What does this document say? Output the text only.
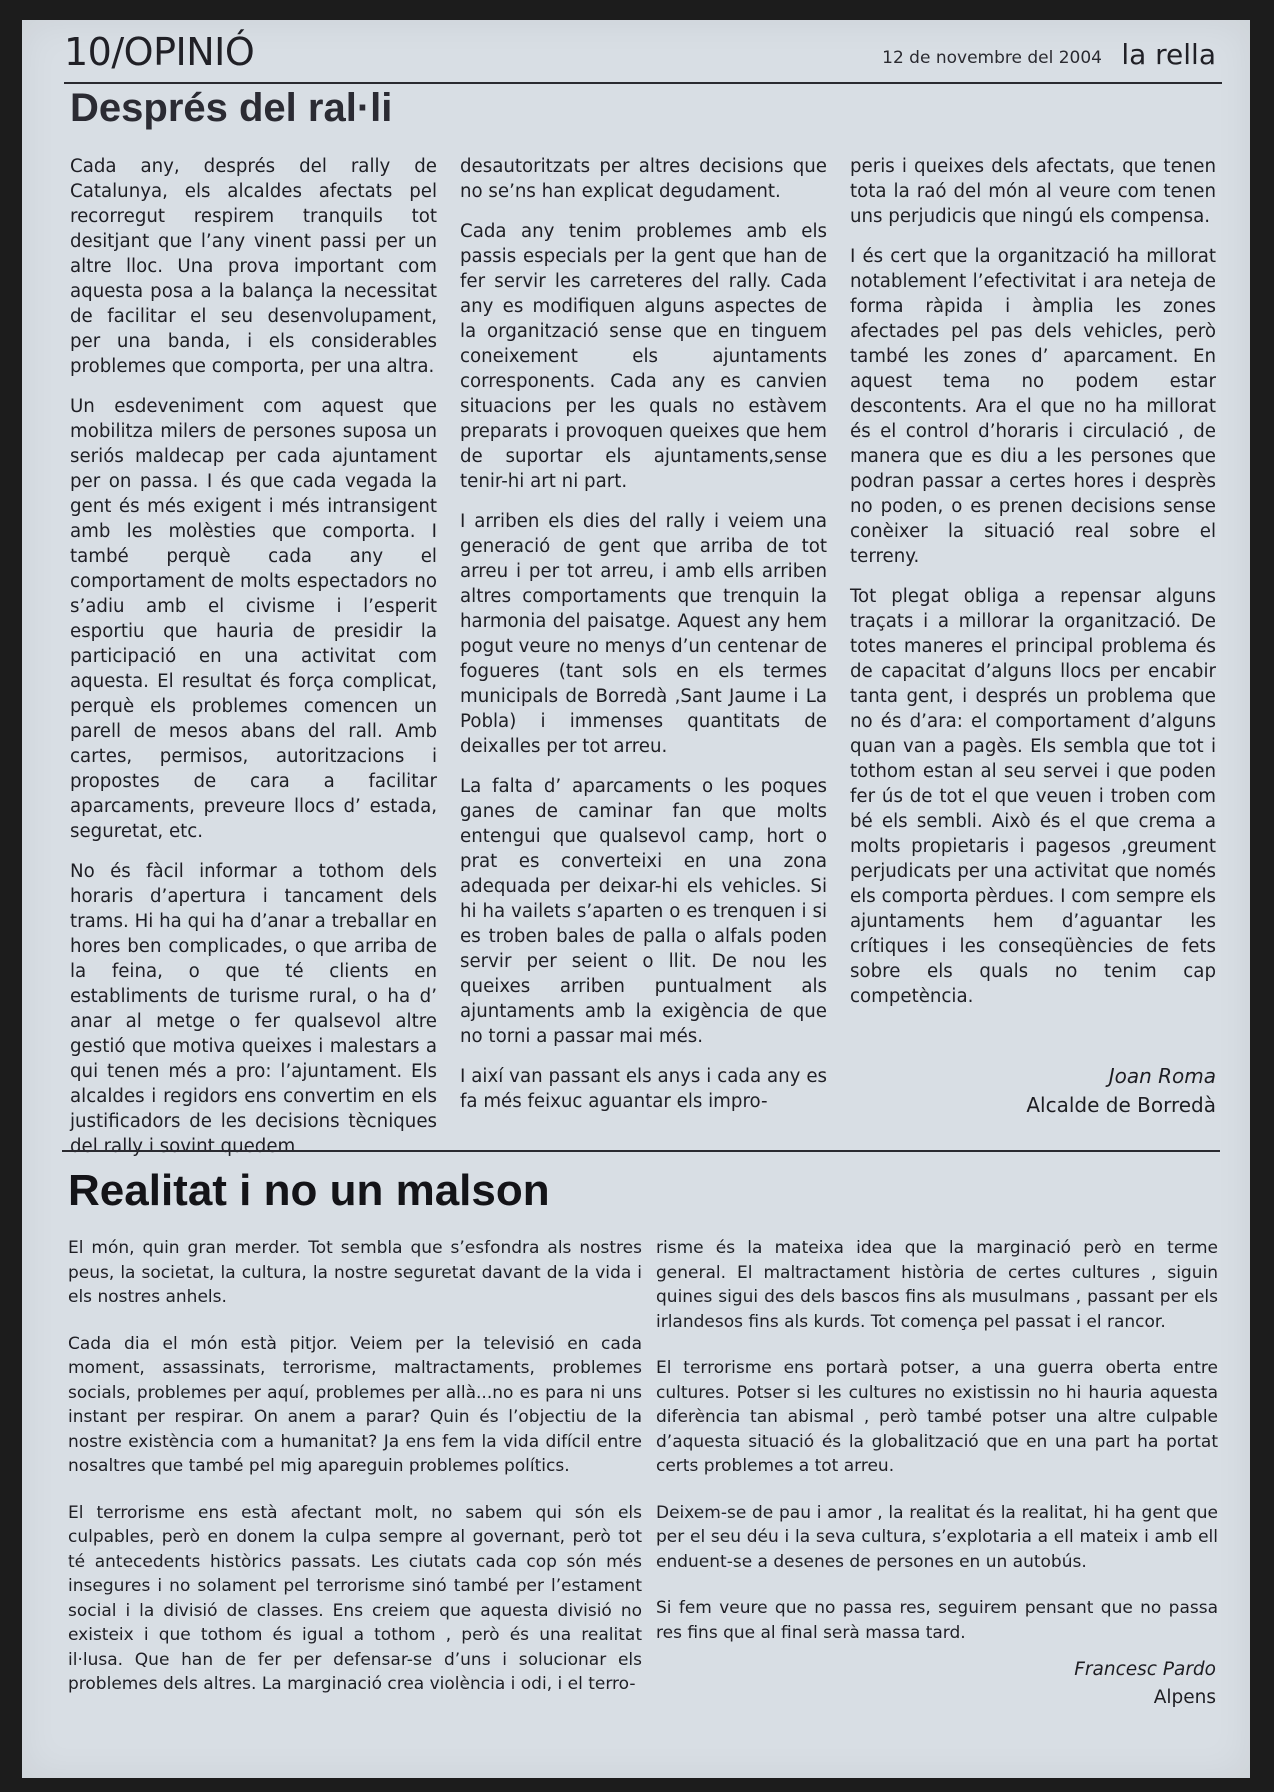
10/OPINIÓ	12 de novembre del 2004 la rella
Després del ral·li

Cada any, després del rally de Catalunya, els alcaldes afectats pel recorregut respirem tranquils tot desitjant que l’any vinent passi per un altre lloc. Una prova important com aquesta posa a la balança la necessitat de facilitar el seu desenvolupament, per una banda, i els considerables problemes que comporta, per una altra.

Un esdeveniment com aquest que mobilitza milers de persones suposa un seriós maldecap per cada ajuntament per on passa. I és que cada vegada la gent és més exigent i més intransigent amb les molèsties que comporta. I també perquè cada any el comportament de molts espectadors no s’adiu amb el civisme i l’esperit esportiu que hauria de presidir la participació en una activitat com aquesta. El resultat és força complicat, perquè els problemes comencen un parell de mesos abans del rall. Amb cartes, permisos, autoritzacions i propostes de cara a facilitar aparcaments, preveure llocs d’ estada, seguretat, etc.

No és fàcil informar a tothom dels horaris d’apertura i tancament dels trams. Hi ha qui ha d’anar a treballar en hores ben complicades, o que arriba de la feina, o que té clients en establiments de turisme rural, o ha d’ anar al metge o fer qualsevol altre gestió que motiva queixes i malestars a qui tenen més a pro: l’ajuntament. Els alcaldes i regidors ens convertim en els justificadors de les decisions tècniques del rally i sovint quedem

desautoritzats per altres decisions que no se’ns han explicat degudament.

Cada any tenim problemes amb els passis especials per la gent que han de fer servir les carreteres del rally. Cada any es modifiquen alguns aspectes de la organització sense que en tinguem coneixement els ajuntaments corresponents. Cada any es canvien situacions per les quals no estàvem preparats i provoquen queixes que hem de suportar els ajuntaments,sense tenir-hi art ni part.

I arriben els dies del rally i veiem una generació de gent que arriba de tot arreu i per tot arreu, i amb ells arriben altres comportaments que trenquin la harmonia del paisatge. Aquest any hem pogut veure no menys d’un centenar de fogueres (tant sols en els termes municipals de Borredà ,Sant Jaume i La Pobla) i immenses quantitats de deixalles per tot arreu.

La falta d’ aparcaments o les poques ganes de caminar fan que molts entengui que qualsevol camp, hort o prat es converteixi en una zona adequada per deixar-hi els vehicles. Si hi ha vailets s’aparten o es trenquen i si es troben bales de palla o alfals poden servir per seient o llit. De nou les queixes arriben puntualment als ajuntaments amb la exigència de que no torni a passar mai més.

I així van passant els anys i cada any es fa més feixuc aguantar els impro-

peris i queixes dels afectats, que tenen tota la raó del món al veure com tenen uns perjudicis que ningú els compensa.

I és cert que la organització ha millorat notablement l’efectivitat i ara neteja de forma ràpida i àmplia les zones afectades pel pas dels vehicles, però també les zones d’ aparcament. En aquest tema no podem estar descontents. Ara el que no ha millorat és el control d’horaris i circulació , de manera que es diu a les persones que podran passar a certes hores i desprès no poden, o es prenen decisions sense conèixer la situació real sobre el terreny.

Tot plegat obliga a repensar alguns traçats i a millorar la organització. De totes maneres el principal problema és de capacitat d’alguns llocs per encabir tanta gent, i després un problema que no és d’ara: el comportament d’alguns quan van a pagès. Els sembla que tot i tothom estan al seu servei i que poden fer ús de tot el que veuen i troben com bé els sembli. Això és el que crema a molts propietaris i pagesos ,greument perjudicats per una activitat que només els comporta pèrdues. I com sempre els ajuntaments hem d’aguantar les crítiques i les conseqüències de fets sobre els quals no tenim cap competència.

Joan Roma
Alcalde de Borredà
Realitat i no un malson

El món, quin gran merder. Tot sembla que s’esfondra als nostres peus, la societat, la cultura, la nostre seguretat davant de la vida i els nostres anhels.

Cada dia el món està pitjor. Veiem per la televisió en cada moment, assassinats, terrorisme, maltractaments, problemes socials, problemes per aquí, problemes per allà...no es para ni uns instant per respirar. On anem a parar? Quin és l’objectiu de la nostre existència com a humanitat? Ja ens fem la vida difícil entre nosaltres que també pel mig apareguin problemes polítics.

El terrorisme ens està afectant molt, no sabem qui són els culpables, però en donem la culpa sempre al governant, però tot té antecedents històrics passats. Les ciutats cada cop són més insegures i no solament pel terrorisme sinó també per l’estament social i la divisió de classes. Ens creiem que aquesta divisió no existeix i que tothom és igual a tothom , però és una realitat il·lusa. Que han de fer per defensar-se d’uns i solucionar els problemes dels altres. La marginació crea violència i odi, i el terro-

risme és la mateixa idea que la marginació però en terme general. El maltractament història de certes cultures , siguin quines sigui des dels bascos fins als musulmans , passant per els irlandesos fins als kurds. Tot comença pel passat i el rancor.

El terrorisme ens portarà potser, a una guerra oberta entre cultures. Potser si les cultures no existissin no hi hauria aquesta diferència tan abismal , però també potser una altre culpable d’aquesta situació és la globalització que en una part ha portat certs problemes a tot arreu.

Deixem-se de pau i amor , la realitat és la realitat, hi ha gent que per el seu déu i la seva cultura, s’explotaria a ell mateix i amb ell enduent-se a desenes de persones en un autobús.

Si fem veure que no passa res, seguirem pensant que no passa res fins que al final serà massa tard.

Francesc Pardo
Alpens
